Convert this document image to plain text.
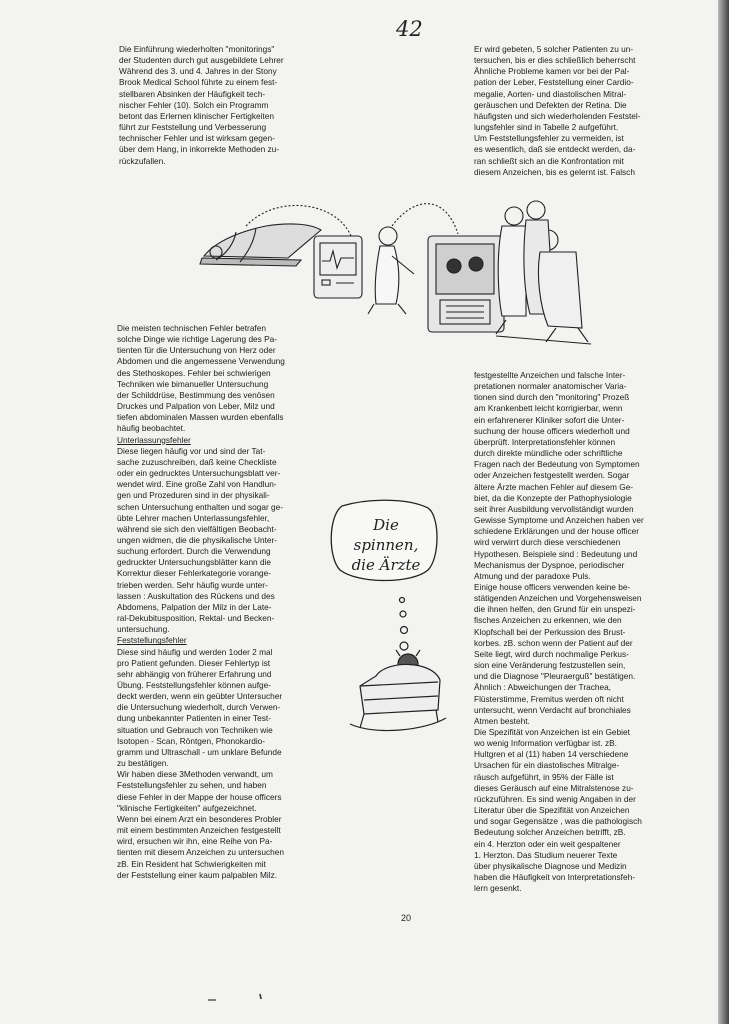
42
Die Einführung wiederholten "monitorings"
der Studenten durch gut ausgebildete Lehrer
Während des 3. und 4. Jahres in der Stony
Brook Medical School führte zu einem fest-
stellbaren Absinken der Häufigkeit tech-
nischer Fehler (10). Solch ein Programm
betont das Erlernen klinischer Fertigkeiten
führt zur Feststellung und Verbesserung
technischer Fehler und ist wirksam gegen-
über dem Hang, in inkorrekte Methoden zu-
rückzufallen.
Er wird gebeten, 5 solcher Patienten zu un-
tersuchen, bis er dies schließlich beherrscht
Ähnliche Probleme kamen vor bei der Pal-
pation der Leber, Feststellung einer Cardio-
megalie, Aorten- und diastolischen Mitral-
geräuschen und Defekten der Retina. Die
häufigsten und sich wiederholenden Feststel-
lungsfehler sind in Tabelle 2 aufgeführt.
Um Feststellungsfehler zu vermeiden, ist
es wesentlich, daß sie entdeckt werden, da-
ran schließt sich an die Konfrontation mit
diesem Anzeichen, bis es gelernt ist. Falsch
Die meisten technischen Fehler betrafen
solche Dinge wie richtige Lagerung des Pa-
tienten für die Untersuchung von Herz oder
Abdomen und die angemessene Verwendung
des Stethoskopes. Fehler bei schwierigen
Techniken wie bimanueller Untersuchung
der Schilddrüse, Bestimmung des venösen
Druckes und Palpation von Leber, Milz und
tiefen abdominalen Massen wurden ebenfalls
häufig beobachtet.
Unterlassungsfehler
Diese liegen häufig vor und sind der Tat-
sache zuzuschreiben, daß keine Checkliste
oder ein gedrucktes Untersuchungsblatt ver-
wendet wird. Eine große Zahl von Handlun-
gen und Prozeduren sind in der physikali-
schen Untersuchung enthalten und sogar ge-
übte Lehrer machen Unterlassungsfehler,
während sie sich den vielfältigen Beobacht-
ungen widmen, die die physikalische Unter-
suchung erfordert. Durch die Verwendung
gedruckter Untersuchungsblätter kann die
Korrektur dieser Fehlerkategorie vorange-
trieben werden. Sehr häufig wurde unter-
lassen : Auskultation des Rückens und des
Abdomens, Palpation der Milz in der Late-
ral-Dekubitusposition, Rektal- und Becken-
untersuchung.
Feststellungsfehler
Diese sind häufig und werden 1oder 2 mal
pro Patient gefunden. Dieser Fehlertyp ist
sehr abhängig von früherer Erfahrung und
Übung. Feststellungsfehler können aufge-
deckt werden, wenn ein geübter Untersucher
die Untersuchung wiederholt, durch Verwen-
dung unbekannter Patienten in einer Test-
situation und Gebrauch von Techniken wie
Isotopen - Scan, Röntgen, Phonokardio-
gramm und Ultraschall - um unklare Befunde
zu bestätigen.
Wir haben diese 3Methoden verwandt, um
Feststellungsfehler zu sehen, und haben
diese Fehler in der Mappe der house officers
"klinische Fertigkeiten" aufgezeichnet.
Wenn bei einem Arzt ein besonderes Probler
mit einem bestimmten Anzeichen festgestellt
wird, ersuchen wir ihn, eine Reihe von Pa-
tienten mit diesem Anzeichen zu untersuchen
zB. Ein Resident hat Schwierigkeiten mit
der Feststellung einer kaum palpablen Milz.
festgestellte Anzeichen und falsche Inter-
pretationen normaler anatomischer Varia-
tionen sind durch den "monitoring" Prozeß
am Krankenbett leicht korrigierbar, wenn
ein erfahrenerer Kliniker sofort die Unter-
suchung der house officers wiederholt und
überprüft. Interpretationsfehler können
durch direkte mündliche oder schriftliche
Fragen nach der Bedeutung von Symptomen
oder Anzeichen festgestellt werden. Sogar
ältere Ärzte machen Fehler auf diesem Ge-
biet, da die Konzepte der Pathophysiologie
seit ihrer Ausbildung vervollständigt wurden
Gewisse Symptome und Anzeichen haben ver
schiedene Erklärungen und der house officer
wird verwirrt durch diese verschiedenen
Hypothesen. Beispiele sind : Bedeutung und
Mechanismus der Dyspnoe, periodischer
Atmung und der paradoxe Puls.
Einige house officers verwenden keine be-
stätigenden Anzeichen und Vorgehensweisen
die ihnen helfen, den Grund für ein unspezi-
fisches Anzeichen zu erkennen, wie den
Klopfschall bei der Perkussion des Brust-
korbes. zB. schon wenn der Patient auf der
Seite liegt, wird durch nochmalige Perkus-
sion eine Veränderung festzustellen sein,
und die Diagnose "Pleuraerguß" bestätigen.
Ähnlich : Abweichungen der Trachea,
Flüsterstimme, Fremitus werden oft nicht
untersucht, wenn Verdacht auf bronchiales
Atmen besteht.
Die Spezifität von Anzeichen ist ein Gebiet
wo wenig Information verfügbar ist. zB.
Hultgren et al (11) haben 14 verschiedene
Ursachen für ein diastolisches Mitralge-
räusch aufgeführt, in 95% der Fälle ist
dieses Geräusch auf eine Mitralstenose zu-
rückzuführen. Es sind wenig Angaben in der
Literatur über die Spezifität von Anzeichen
und sogar Gegensätze , was die pathologisch
Bedeutung solcher Anzeichen betrifft, zB.
ein 4. Herzton oder ein weit gespaltener
1. Herzton. Das Studium neuerer Texte
über physikalische Diagnose und Medizin
haben die Häufigkeit von Interpretationsfeh-
lern gesenkt.
Die spinnen,
die Ärzte
20
